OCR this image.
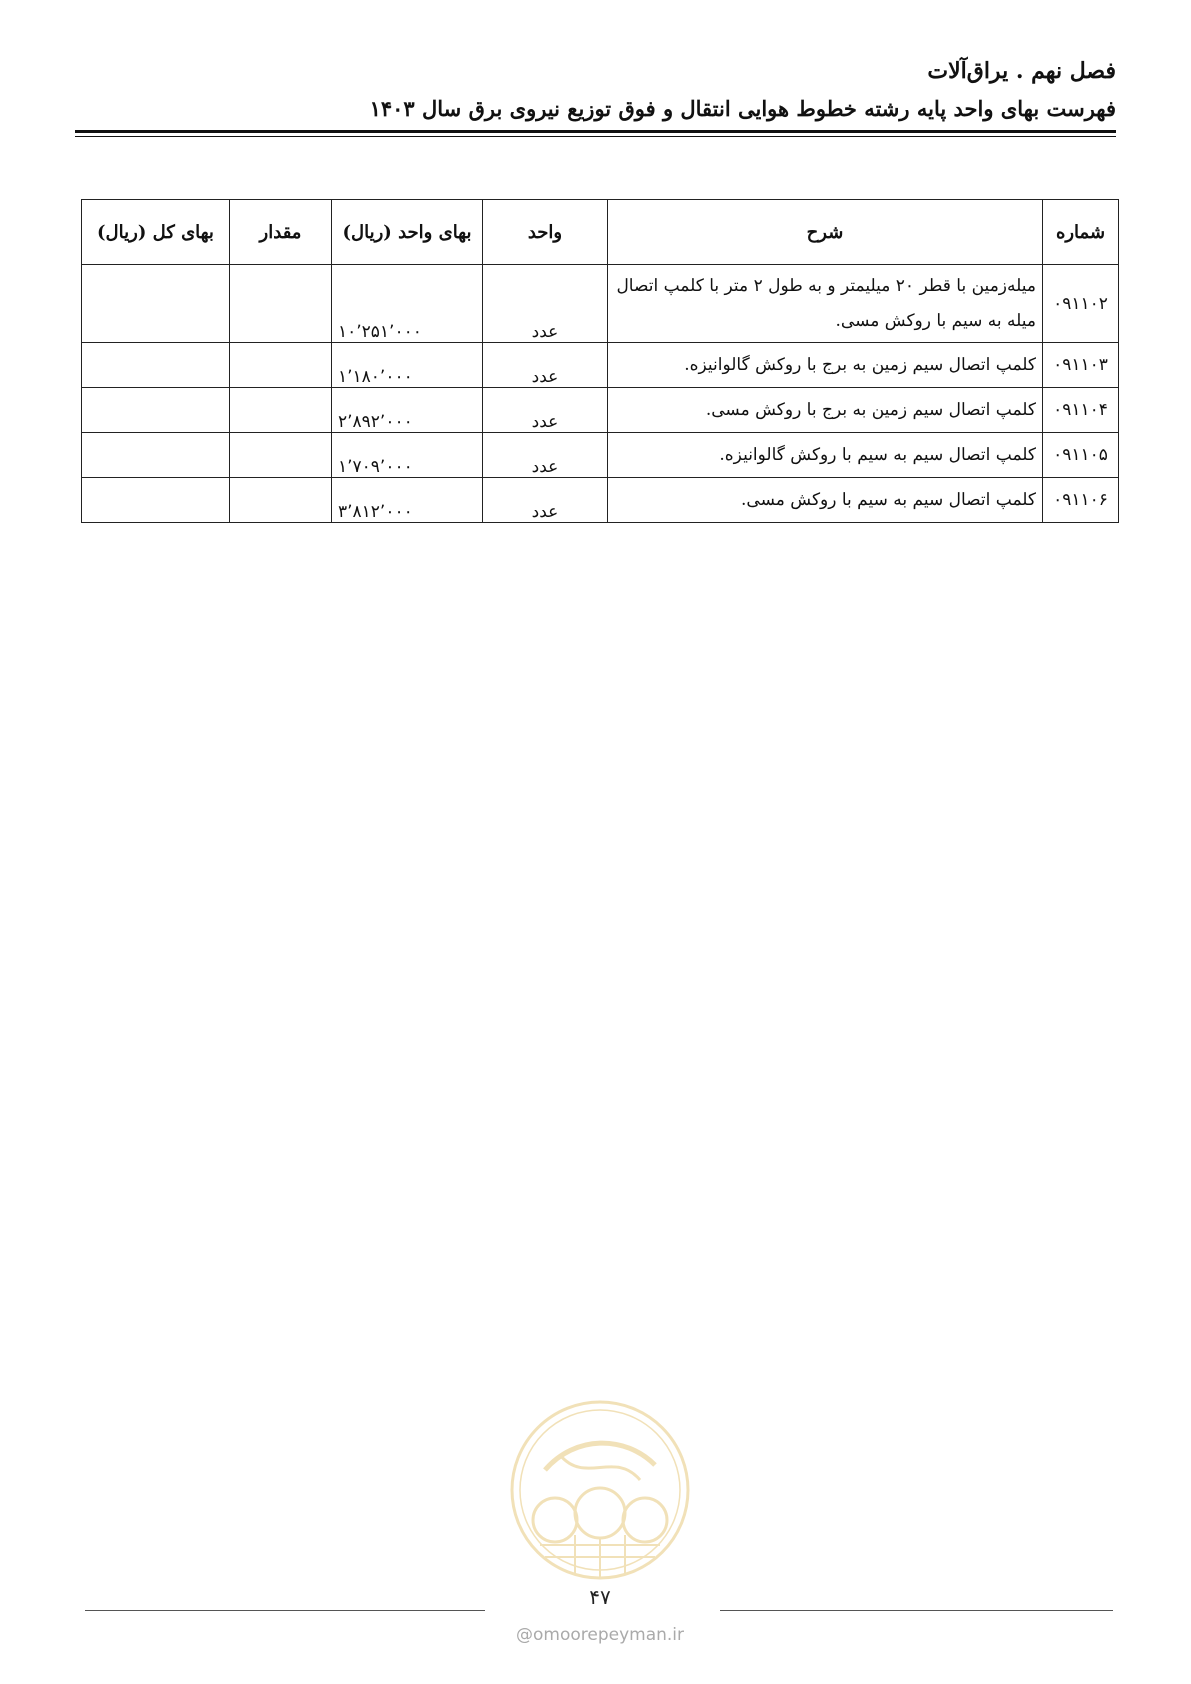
فصل نهم . یراق‌آلات
فهرست بهای واحد پایه رشته خطوط هوایی انتقال و فوق توزیع نیروی برق سال ۱۴۰۳
شماره	شرح	واحد	بهای واحد (ریال)	مقدار	بهای کل (ریال)
۰۹۱۱۰۲	میله‌زمین با قطر ۲۰ میلیمتر و به طول ۲ متر با کلمپ اتصال میله به سیم با روکش مسی.	عدد	۱۰٬۲۵۱٬۰۰۰		
۰۹۱۱۰۳	کلمپ اتصال سیم زمین به برج با روکش گالوانیزه.	عدد	۱٬۱۸۰٬۰۰۰		
۰۹۱۱۰۴	کلمپ اتصال سیم زمین به برج با روکش مسی.	عدد	۲٬۸۹۲٬۰۰۰		
۰۹۱۱۰۵	کلمپ اتصال سیم به سیم با روکش گالوانیزه.	عدد	۱٬۷۰۹٬۰۰۰		
۰۹۱۱۰۶	کلمپ اتصال سیم به سیم با روکش مسی.	عدد	۳٬۸۱۲٬۰۰۰		
۴۷
@omoorepeyman.ir
